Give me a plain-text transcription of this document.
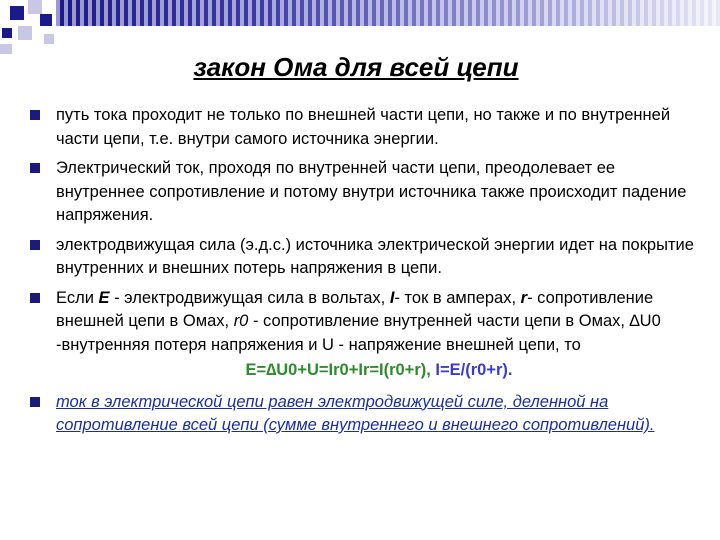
закон Ома для всей цепи
путь тока проходит не только по внешней части цепи, но также и по внутренней части цепи, т.е. внутри самого источника энергии.
Электрический ток, проходя по внутренней части цепи, преодолевает ее внутреннее сопротивление и потому внутри источника также происходит падение напряжения.
электродвижущая сила (э.д.с.) источника электрической энергии идет на покрытие внутренних и внешних потерь напряжения в цепи.
Если E - электродвижущая сила в вольтах, I- ток в амперах, r- сопротивление внешней цепи в Омах, r0 - сопротивление внутренней части цепи в Омах, ∆U0 -внутренняя потеря напряжения и U - напряжение внешней цепи, то
E=∆U0+U=Ir0+Ir=I(r0+r), I=E/(r0+r).
ток в электрической цепи равен электродвижущей силе, деленной на сопротивление всей цепи (сумме внутреннего и внешнего сопротивлений).
